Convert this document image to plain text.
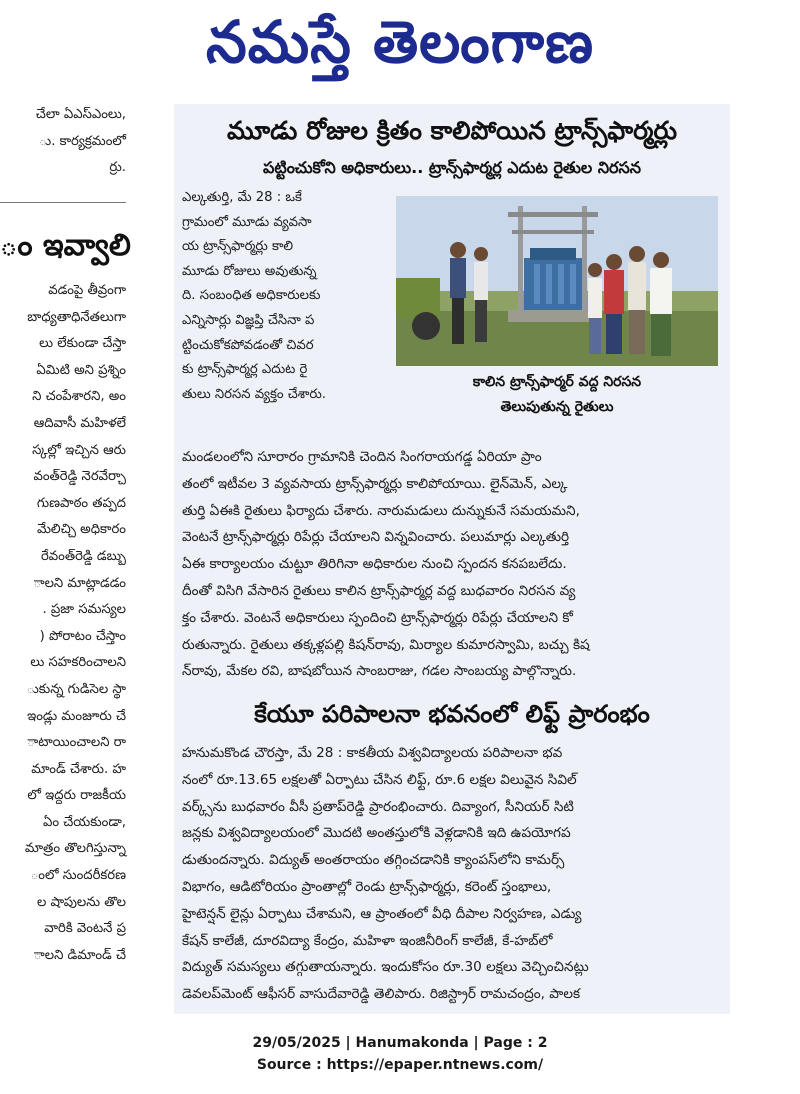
నమస్తే తెలంగాణ

చేలా ఏఎస్ఎంలు,

ు. కార్యక్రమంలో

ర్రు.

ం ఇవ్వాలి

వడంపై తీవ్రంగా

బాధ్యతాధినేతలుగా

లు లేకుండా చేస్తా

ఏమిటి అని ప్రశ్నిం

ని చంపేశారని, అం

ఆదివాసీ మహిళలే

స్కల్లో ఇచ్చిన ఆరు

వంత్‌రెడ్డి నెరవేర్చా

గుణపాఠం తప్పద

మేలిచ్చి అధికారం

రేవంత్‌రెడ్డి డబ్బు

ాలని మాట్లాడడం

. ప్రజా సమస్యల

) పోరాటం చేస్తాం

లు సహకరించాలని

ుకున్న గుడిసెల స్థా

ఇండ్లు మంజూరు చే

ాటాయించాలని రా

మాండ్ చేశారు. హ

లో ఇద్దరు రాజకీయ

ఏం చేయకుండా,

మాత్రం తొలగిస్తున్నా

ంలో సుందరీకరణ

ల షాపులను తొల

వారికి వెంటనే ప్ర

ాలని డిమాండ్ చే

మూడు రోజుల క్రితం కాలిపోయిన ట్రాన్స్‌ఫార్మర్లు
పట్టించుకోని అధికారులు.. ట్రాన్స్‌ఫార్మర్ల ఎదుట రైతుల నిరసన

ఎల్కతుర్తి, మే 28 : ఒకే

గ్రామంలో మూడు వ్యవసా

య ట్రాన్స్‌ఫార్మర్లు కాలి

మూడు రోజులు అవుతున్న

ది. సంబంధిత అధికారులకు

ఎన్నిసార్లు విజ్ఞప్తి చేసినా ప

ట్టించుకోకపోవడంతో చివర

కు ట్రాన్స్‌ఫార్మర్ల ఎదుట రై

తులు నిరసన వ్యక్తం చేశారు.

కాలిన ట్రాన్స్‌ఫార్మర్ వద్ద నిరసన

తెలుపుతున్న రైతులు

మండలంలోని సూరారం గ్రామానికి చెందిన సింగరాయగడ్డ ఏరియా ప్రాం

తంలో ఇటీవల 3 వ్యవసాయ ట్రాన్స్‌ఫార్మర్లు కాలిపోయాయి. లైన్‌మెన్, ఎల్క

తుర్తి ఏఈకి రైతులు ఫిర్యాదు చేశారు. నారుమడులు దున్నుకునే సమయమని,

వెంటనే ట్రాన్స్‌ఫార్మర్లు రిపేర్లు చేయాలని విన్నవించారు. పలుమార్లు ఎల్కతుర్తి

ఏఈ కార్యాలయం చుట్టూ తిరిగినా అధికారుల నుంచి స్పందన కనపబలేదు.

దీంతో విసిగి వేసారిన రైతులు కాలిన ట్రాన్స్‌ఫార్మర్ల వద్ద బుధవారం నిరసన వ్య

క్తం చేశారు. వెంటనే అధికారులు స్పందించి ట్రాన్స్‌ఫార్మర్లు రిపేర్లు చేయాలని కో

రుతున్నారు. రైతులు తక్కళ్లపల్లి కిషన్‌రావు, మిర్యాల కుమారస్వామి, బచ్చు కిష

న్‌రావు, మేకల రవి, బాషబోయిన సాంబరాజు, గడల సాంబయ్య పాల్గొన్నారు.

కేయూ పరిపాలనా భవనంలో లిఫ్ట్ ప్రారంభం

హనుమకొండ చౌరస్తా, మే 28 : కాకతీయ విశ్వవిద్యాలయ పరిపాలనా భవ

నంలో రూ.13.65 లక్షలతో ఏర్పాటు చేసిన లిఫ్ట్, రూ.6 లక్షల విలువైన సివిల్

వర్క్స్‌ను బుధవారం వీసీ ప్రతాప్‌రెడ్డి ప్రారంభించారు. దివ్యాంగ, సీనియర్ సిటి

జన్లకు విశ్వవిద్యాలయంలో మొదటి అంతస్తులోకి వెళ్లడానికి ఇది ఉపయోగప

డుతుందన్నారు. విద్యుత్ అంతరాయం తగ్గించడానికి క్యాంపస్‌లోని కామర్స్

విభాగం, ఆడిటోరియం ప్రాంతాల్లో రెండు ట్రాన్స్‌ఫార్మర్లు, కరెంట్ స్తంభాలు,

హైటెన్షన్ లైన్లు ఏర్పాటు చేశామని, ఆ ప్రాంతంలో వీధి దీపాల నిర్వహణ, ఎడ్యు

కేషన్ కాలేజీ, దూరవిద్యా కేంద్రం, మహిళా ఇంజినీరింగ్ కాలేజీ, కే-హబ్‌లో

విద్యుత్ సమస్యలు తగ్గుతాయన్నారు. ఇందుకోసం రూ.30 లక్షలు వెచ్చించినట్లు

డెవలప్‌మెంట్ ఆఫీసర్ వాసుదేవారెడ్డి తెలిపారు. రిజిస్ట్రార్ రామచంద్రం, పాలక

29/05/2025 | Hanumakonda | Page : 2

Source : https://epaper.ntnews.com/
